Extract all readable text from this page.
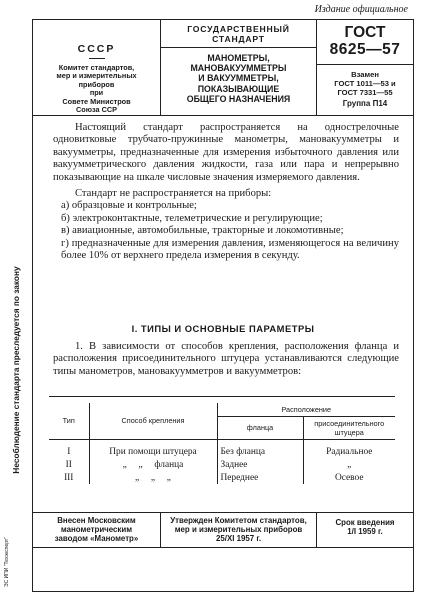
Издание официальное
Несоблюдение стандарта преследуется по закону
ЭС ИПИ "Техэксперт"
СССР
Комитет стандартов,
мер и измерительных
приборов
при
Совете Министров
Союза ССР
ГОСУДАРСТВЕННЫЙ
СТАНДАРТ
МАНОМЕТРЫ,
МАНОВАКУУММЕТРЫ
И ВАКУУММЕТРЫ,
ПОКАЗЫВАЮЩИЕ
ОБЩЕГО НАЗНАЧЕНИЯ
ГОСТ
8625—57
Взамен
ГОСТ 1011—53 и
ГОСТ 7331—55
Группа П14

Настоящий стандарт распространяется на однострелочные одновитковые трубчато-пружинные манометры, мановакуумметры и вакуумметры, предназначенные для измерения избыточного давления или вакуумметрического давления жидкости, газа или пара и непрерывно показывающие на шкале числовые значения измеряемого давления.

Стандарт не распространяется на приборы:

а) образцовые и контрольные;

б) электроконтактные, телеметрические и регулирующие;

в) авиационные, автомобильные, тракторные и локомотивные;

г) предназначенные для измерения давления, изменяющегося на величину более 10% от верхнего предела измерения в секунду.

I. ТИПЫ И ОСНОВНЫЕ ПАРАМЕТРЫ

1. В зависимости от способов крепления, расположения фланца и расположения присоединительного штуцера устанавливаются следующие типы манометров, мановакуумметров и вакуумметров:

Тип	Способ крепления	Расположение	
		фланца	присоединительного штуцера

I	При помощи штуцера	Без фланца	Радиальное
II	„     „     фланца	Заднее	„
III	„     „     „	Переднее	Осевое
Внесен Московским
манометрическим
заводом «Манометр»
Утвержден Комитетом стандартов,
мер и измерительных приборов
25/XI 1957 г.
Срок введения
1/I 1959 г.
